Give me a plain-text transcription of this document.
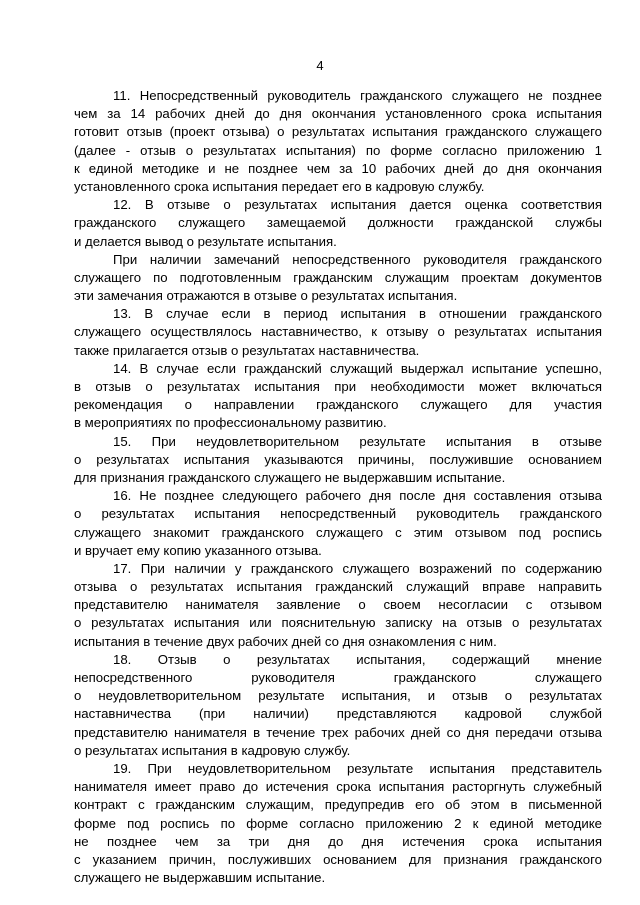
4
11. Непосредственный руководитель гражданского служащего не позднее
чем за 14 рабочих дней до дня окончания установленного срока испытания
готовит отзыв (проект отзыва) о результатах испытания гражданского служащего
(далее - отзыв о результатах испытания) по форме согласно приложению 1
к единой методике и не позднее чем за 10 рабочих дней до дня окончания
установленного срока испытания передает его в кадровую службу.
12. В отзыве о результатах испытания дается оценка соответствия
гражданского служащего замещаемой должности гражданской службы
и делается вывод о результате испытания.
При наличии замечаний непосредственного руководителя гражданского
служащего по подготовленным гражданским служащим проектам документов
эти замечания отражаются в отзыве о результатах испытания.
13. В случае если в период испытания в отношении гражданского
служащего осуществлялось наставничество, к отзыву о результатах испытания
также прилагается отзыв о результатах наставничества.
14. В случае если гражданский служащий выдержал испытание успешно,
в отзыв о результатах испытания при необходимости может включаться
рекомендация о направлении гражданского служащего для участия
в мероприятиях по профессиональному развитию.
15. При неудовлетворительном результате испытания в отзыве
о результатах испытания указываются причины, послужившие основанием
для признания гражданского служащего не выдержавшим испытание.
16. Не позднее следующего рабочего дня после дня составления отзыва
о результатах испытания непосредственный руководитель гражданского
служащего знакомит гражданского служащего с этим отзывом под роспись
и вручает ему копию указанного отзыва.
17. При наличии у гражданского служащего возражений по содержанию
отзыва о результатах испытания гражданский служащий вправе направить
представителю нанимателя заявление о своем несогласии с отзывом
о результатах испытания или пояснительную записку на отзыв о результатах
испытания в течение двух рабочих дней со дня ознакомления с ним.
18. Отзыв о результатах испытания, содержащий мнение
непосредственного руководителя гражданского служащего
о неудовлетворительном результате испытания, и отзыв о результатах
наставничества (при наличии) представляются кадровой службой
представителю нанимателя в течение трех рабочих дней со дня передачи отзыва
о результатах испытания в кадровую службу.
19. При неудовлетворительном результате испытания представитель
нанимателя имеет право до истечения срока испытания расторгнуть служебный
контракт с гражданским служащим, предупредив его об этом в письменной
форме под роспись по форме согласно приложению 2 к единой методике
не позднее чем за три дня до дня истечения срока испытания
с указанием причин, послуживших основанием для признания гражданского
служащего не выдержавшим испытание.
